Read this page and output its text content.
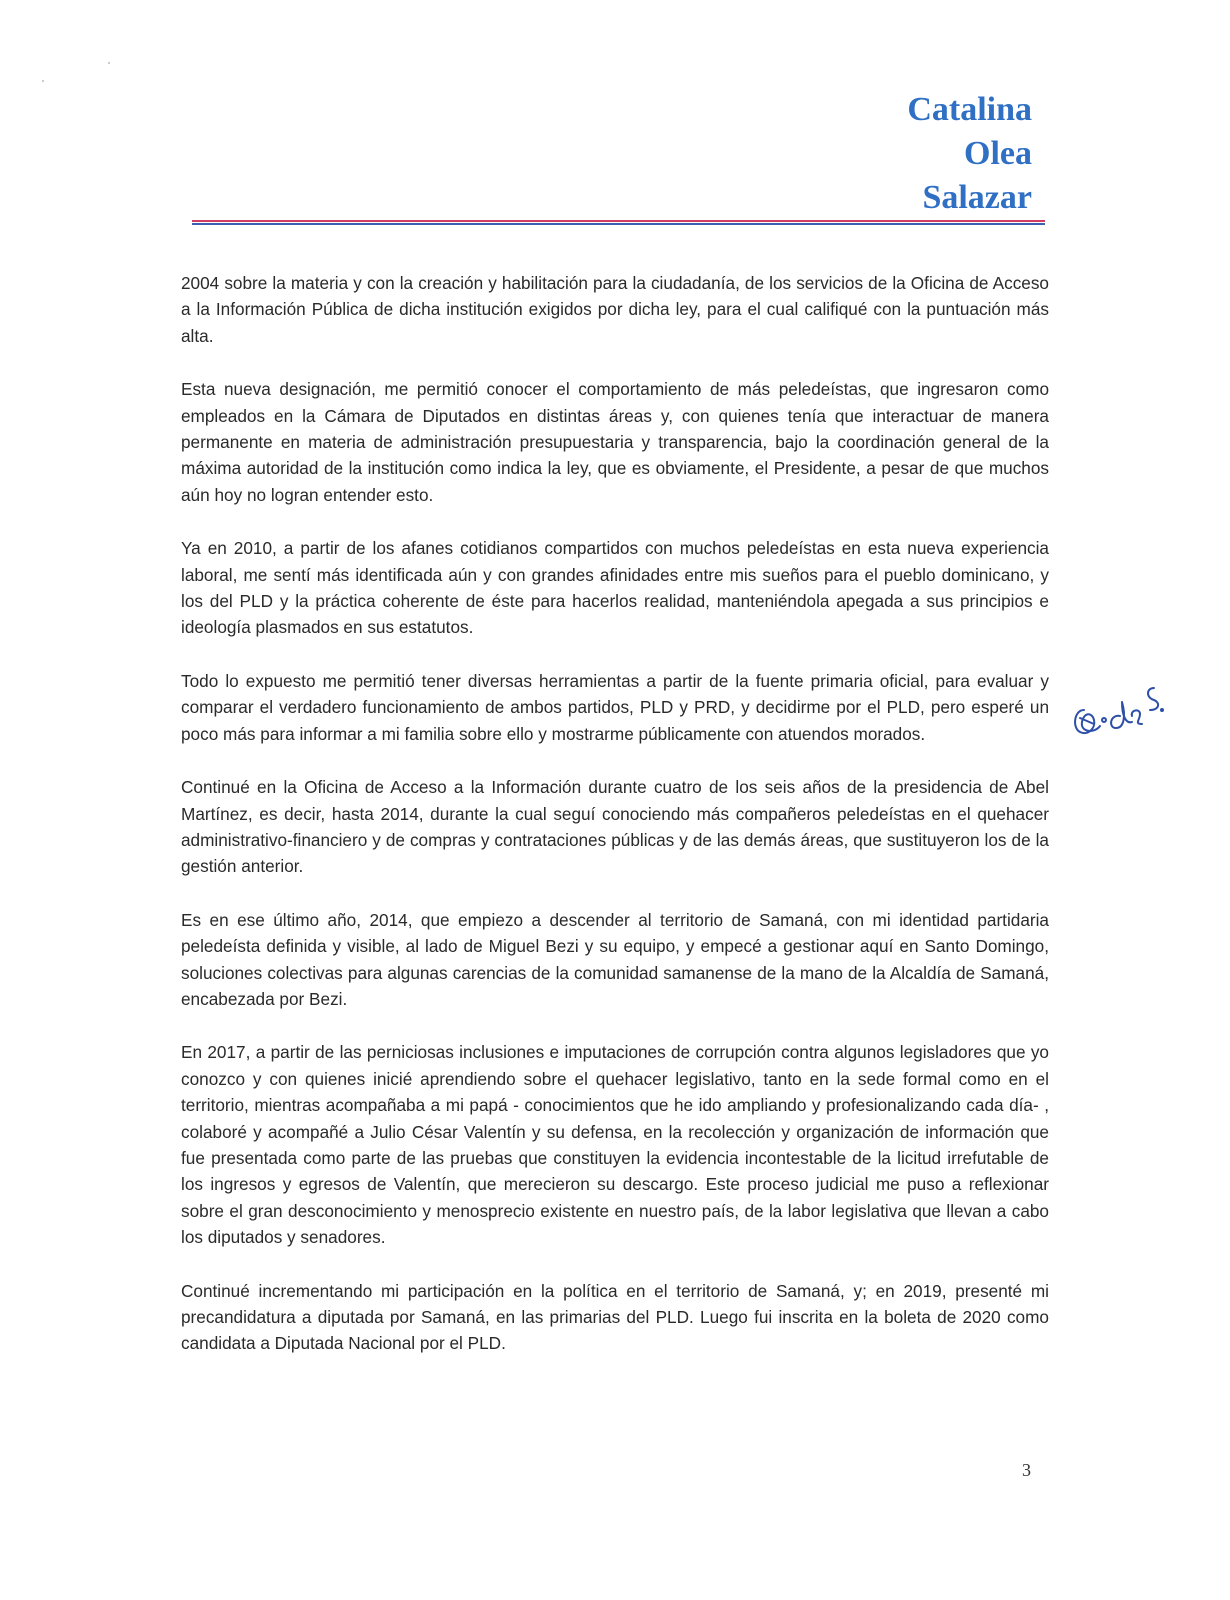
Catalina
Olea
Salazar

2004 sobre la materia y con la creación y habilitación para la ciudadanía, de los servicios de la Oficina de Acceso a la Información Pública de dicha institución exigidos por dicha ley, para el cual califiqué con la puntuación más alta.

Esta nueva designación, me permitió conocer el comportamiento de más peledeístas, que ingresaron como empleados en la Cámara de Diputados en distintas áreas y, con quienes tenía que interactuar de manera permanente en materia de administración presupuestaria y transparencia, bajo la coordinación general de la máxima autoridad de la institución como indica la ley, que es obviamente, el Presidente, a pesar de que muchos aún hoy no logran entender esto.

Ya en 2010, a partir de los afanes cotidianos compartidos con muchos peledeístas en esta nueva experiencia laboral, me sentí más identificada aún y con grandes afinidades entre mis sueños para el pueblo dominicano, y los del PLD y la práctica coherente de éste para hacerlos realidad, manteniéndola apegada a sus principios e ideología plasmados en sus estatutos.

Todo lo expuesto me permitió tener diversas herramientas a partir de la fuente primaria oficial, para evaluar y comparar el verdadero funcionamiento de ambos partidos, PLD y PRD, y decidirme por el PLD, pero esperé un poco más para informar a mi familia sobre ello y mostrarme públicamente con atuendos morados.

Continué en la Oficina de Acceso a la Información durante cuatro de los seis años de la presidencia de Abel Martínez, es decir, hasta 2014, durante la cual seguí conociendo más compañeros peledeístas en el quehacer administrativo-financiero y de compras y contrataciones públicas y de las demás áreas, que sustituyeron los de la gestión anterior.

Es en ese último año, 2014, que empiezo a descender al territorio de Samaná, con mi identidad partidaria peledeísta definida y visible, al lado de Miguel Bezi y su equipo, y empecé a gestionar aquí en Santo Domingo, soluciones colectivas para algunas carencias de la comunidad samanense de la mano de la Alcaldía de Samaná, encabezada por Bezi.

En 2017, a partir de las perniciosas inclusiones e imputaciones de corrupción contra algunos legisladores que yo conozco y con quienes inicié aprendiendo sobre el quehacer legislativo, tanto en la sede formal como en el territorio, mientras acompañaba a mi papá - conocimientos que he ido ampliando y profesionalizando cada día- , colaboré y acompañé a Julio César Valentín y su defensa, en la recolección y organización de información que fue presentada como parte de las pruebas que constituyen la evidencia incontestable de la licitud irrefutable de los ingresos y egresos de Valentín, que merecieron su descargo. Este proceso judicial me puso a reflexionar sobre el gran desconocimiento y menosprecio existente en nuestro país, de la labor legislativa que llevan a cabo los diputados y senadores.

Continué incrementando mi participación en la política en el territorio de Samaná, y; en 2019, presenté mi precandidatura a diputada por Samaná, en las primarias del PLD. Luego fui inscrita en la boleta de 2020 como candidata a Diputada Nacional por el PLD.

3
